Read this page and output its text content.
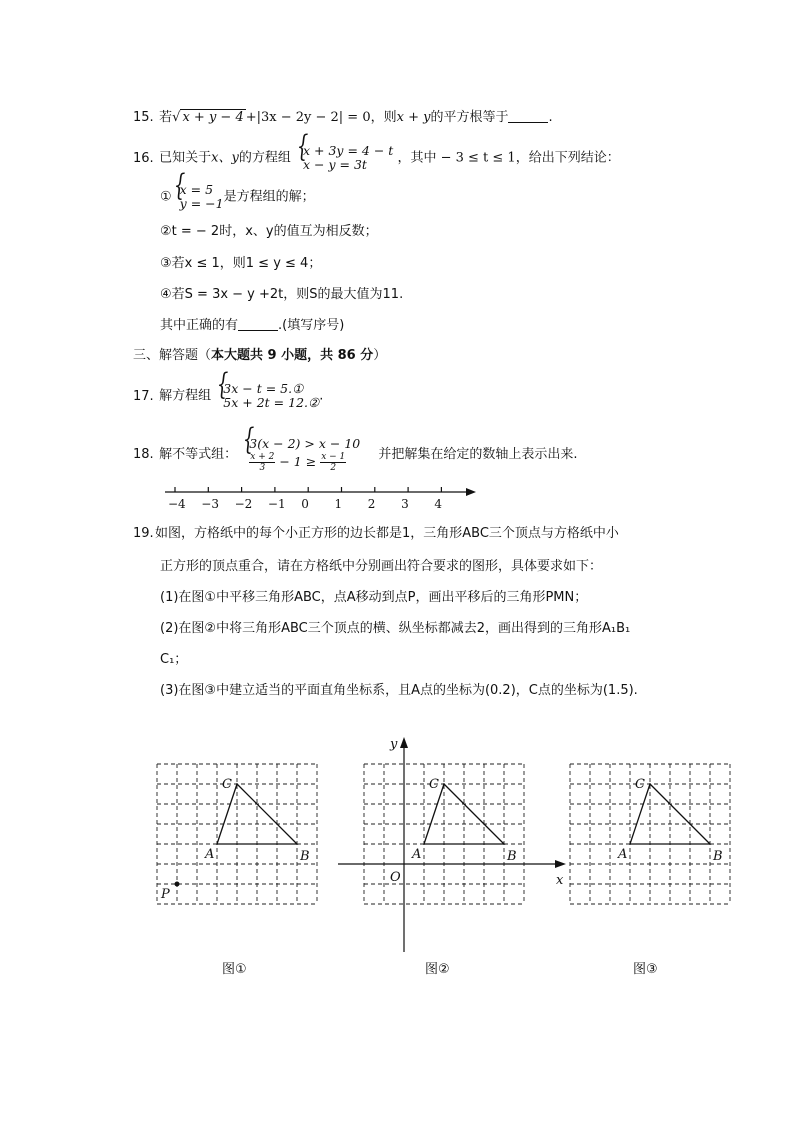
15. 若√ x + y − 4 +|3x − 2y − 2| = 0，则x + y的平方根等于	.
16. 已知关于x、y的方程组 { x + 3y = 4 − t
x − y = 3t	，其中 − 3 ≤ t ≤ 1，给出下列结论：
① { x = 5
y = −1 是方程组的解；
②t = − 2时，x、y的值互为相反数；
③若x ≤ 1，则1 ≤ y ≤ 4；
④若S = 3x − y +2t，则S的最大值为11.
其中正确的有	.(填写序号)
三、解答题（本大题共 9 小题，共 86 分）
17. 解方程组 { 3x − t = 5.①
5x + 2t = 12.② .
18. 解不等式组：
{ 3(x − 2) > x − 10
$\frac{x + 2}{3} - 1 \ge \frac{x - 1}{2}$ 并把解集在给定的数轴上表示出来.
−4 −3 −2 −1 0 1 2 3 4
19.如图，方格纸中的每个小正方形的边长都是1，三角形ABC三个顶点与方格纸中小
正方形的顶点重合，请在方格纸中分别画出符合要求的图形，具体要求如下：
(1)在图①中平移三角形ABC，点A移动到点P，画出平移后的三角形PMN；
(2)在图②中将三角形ABC三个顶点的横、纵坐标都减去2，画出得到的三角形A₁B₁
C₁；
(3)在图③中建立适当的平面直角坐标系，且A点的坐标为(0.2)，C点的坐标为(1.5).
A	B
C
P
A	B
C
x
y
O
A	B
C
图①	图②	图③
